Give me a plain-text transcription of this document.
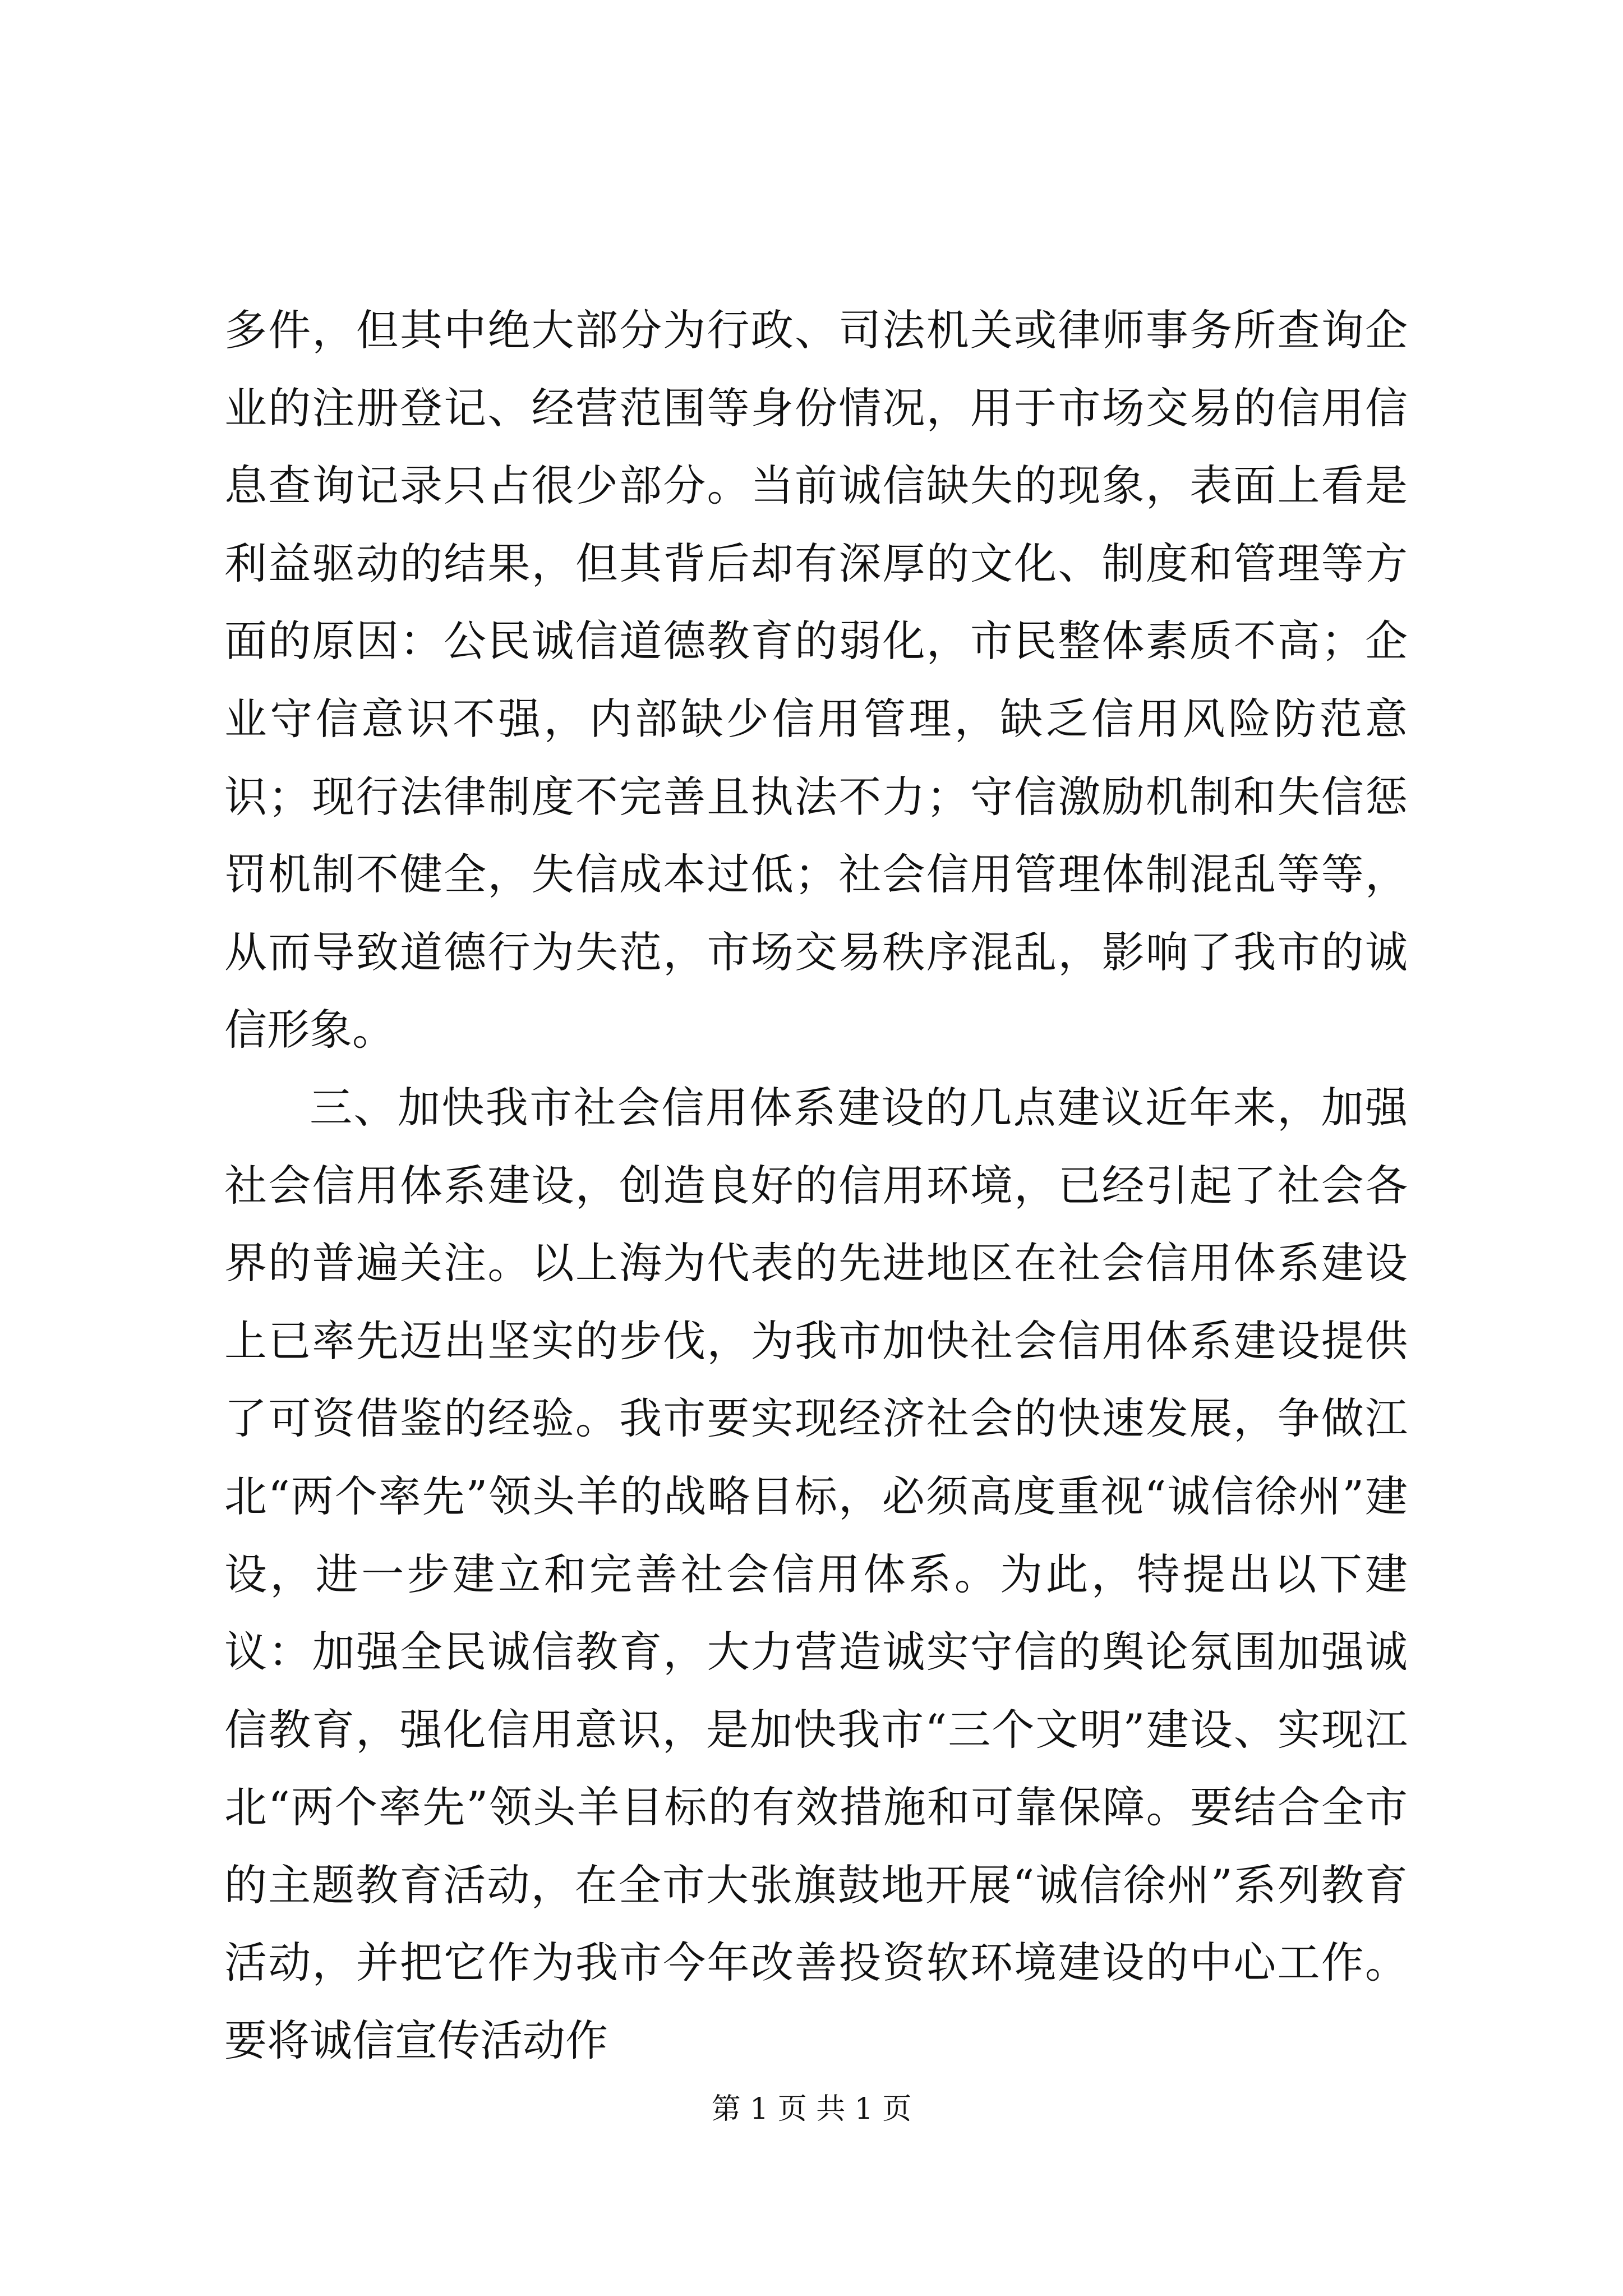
多件，但其中绝大部分为行政、司法机关或律师事务所查询企业的注册登记、经营范围等身份情况，用于市场交易的信用信息查询记录只占很少部分。当前诚信缺失的现象，表面上看是利益驱动的结果，但其背后却有深厚的文化、制度和管理等方面的原因：公民诚信道德教育的弱化，市民整体素质不高；企业守信意识不强，内部缺少信用管理，缺乏信用风险防范意识；现行法律制度不完善且执法不力；守信激励机制和失信惩罚机制不健全，失信成本过低；社会信用管理体制混乱等等，从而导致道德行为失范，市场交易秩序混乱，影响了我市的诚信形象。

三、加快我市社会信用体系建设的几点建议近年来，加强社会信用体系建设，创造良好的信用环境，已经引起了社会各界的普遍关注。以上海为代表的先进地区在社会信用体系建设上已率先迈出坚实的步伐，为我市加快社会信用体系建设提供了可资借鉴的经验。我市要实现经济社会的快速发展，争做江北“两个率先”领头羊的战略目标，必须高度重视“诚信徐州”建设，进一步建立和完善社会信用体系。为此，特提出以下建议：加强全民诚信教育，大力营造诚实守信的舆论氛围加强诚信教育，强化信用意识，是加快我市“三个文明”建设、实现江北“两个率先”领头羊目标的有效措施和可靠保障。要结合全市的主题教育活动，在全市大张旗鼓地开展“诚信徐州”系列教育活动，并把它作为我市今年改善投资软环境建设的中心工作。要将诚信宣传活动作

第 1 页 共 1 页
